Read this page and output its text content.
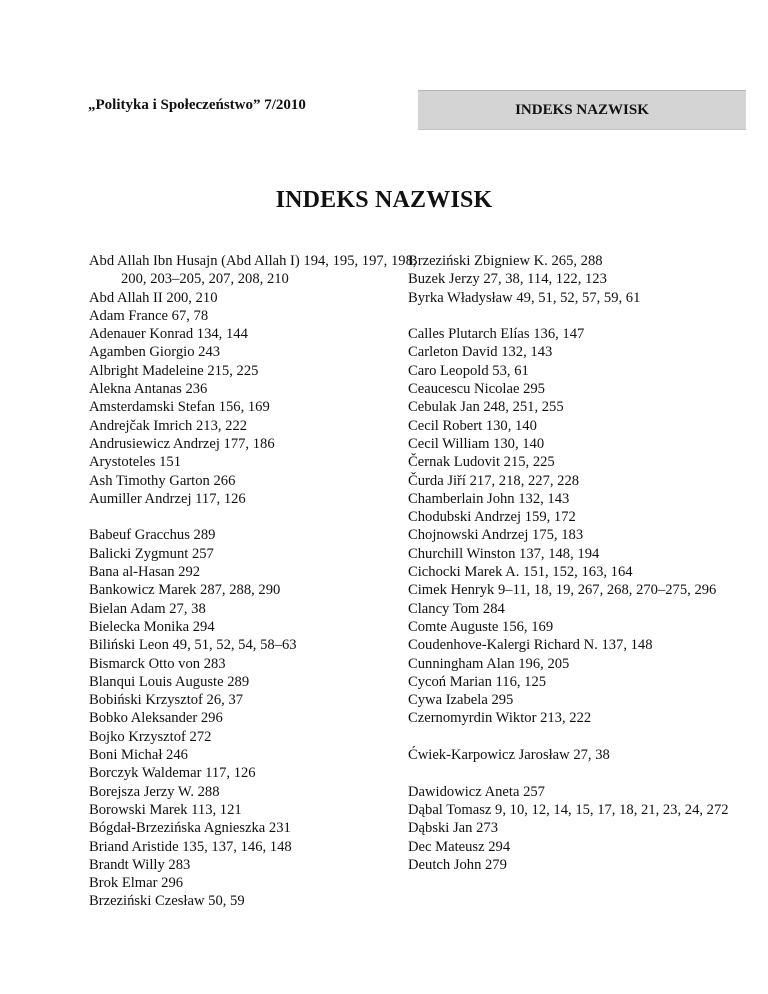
„Polityka i Społeczeństwo” 7/2010	INDEKS NAZWISK
INDEKS NAZWISK
Abd Allah Ibn Husajn (Abd Allah I) 194, 195, 197, 198, 200, 203–205, 207, 208, 210
Abd Allah II 200, 210
Adam France 67, 78
Adenauer Konrad 134, 144
Agamben Giorgio 243
Albright Madeleine 215, 225
Alekna Antanas 236
Amsterdamski Stefan 156, 169
Andrejčak Imrich 213, 222
Andrusiewicz Andrzej 177, 186
Arystoteles 151
Ash Timothy Garton 266
Aumiller Andrzej 117, 126
Babeuf Gracchus 289
Balicki Zygmunt 257
Bana al-Hasan 292
Bankowicz Marek 287, 288, 290
Bielan Adam 27, 38
Bielecka Monika 294
Biliński Leon 49, 51, 52, 54, 58–63
Bismarck Otto von 283
Blanqui Louis Auguste 289
Bobiński Krzysztof 26, 37
Bobko Aleksander 296
Bojko Krzysztof 272
Boni Michał 246
Borczyk Waldemar 117, 126
Borejsza Jerzy W. 288
Borowski Marek 113, 121
Bógdał-Brzezińska Agnieszka 231
Briand Aristide 135, 137, 146, 148
Brandt Willy 283
Brok Elmar 296
Brzeziński Czesław 50, 59
Brzeziński Zbigniew K. 265, 288
Buzek Jerzy 27, 38, 114, 122, 123
Byrka Władysław 49, 51, 52, 57, 59, 61
Calles Plutarch Elías 136, 147
Carleton David 132, 143
Caro Leopold 53, 61
Ceaucescu Nicolae 295
Cebulak Jan 248, 251, 255
Cecil Robert 130, 140
Cecil William 130, 140
Černak Ludovit 215, 225
Čurda Jiří 217, 218, 227, 228
Chamberlain John 132, 143
Chodubski Andrzej 159, 172
Chojnowski Andrzej 175, 183
Churchill Winston 137, 148, 194
Cichocki Marek A. 151, 152, 163, 164
Cimek Henryk 9–11, 18, 19, 267, 268, 270–275, 296
Clancy Tom 284
Comte Auguste 156, 169
Coudenhove-Kalergi Richard N. 137, 148
Cunningham Alan 196, 205
Cycoń Marian 116, 125
Cywa Izabela 295
Czernomyrdin Wiktor 213, 222
Ćwiek-Karpowicz Jarosław 27, 38
Dawidowicz Aneta 257
Dąbal Tomasz 9, 10, 12, 14, 15, 17, 18, 21, 23, 24, 272
Dąbski Jan 273
Dec Mateusz 294
Deutch John 279
